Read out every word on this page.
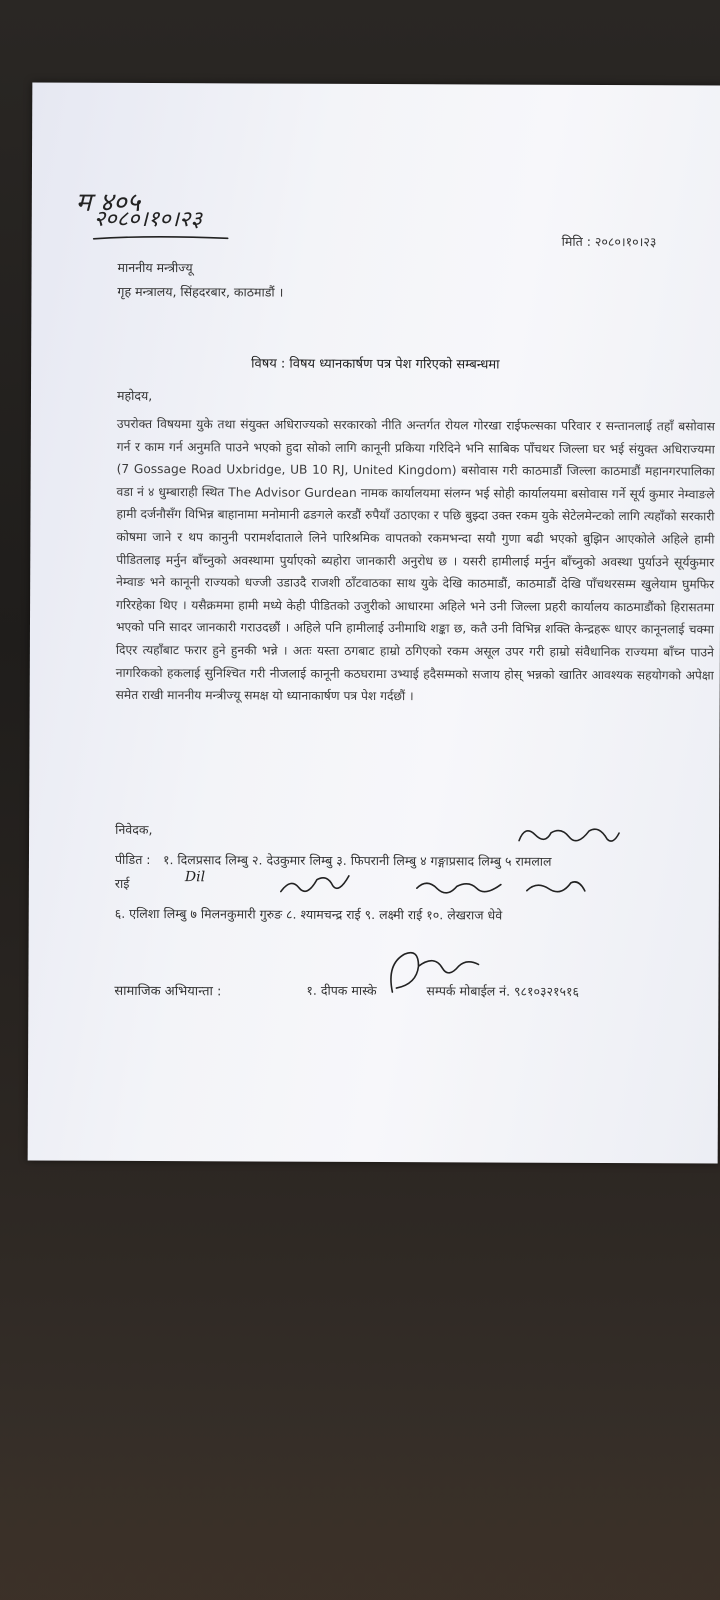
म ४०५
२०८०।१०।२३
मिति : २०८०।१०।२३
माननीय मन्त्रीज्यू
गृह मन्त्रालय, सिंहदरबार, काठमाडौं ।
विषय : विषय ध्यानकार्षण पत्र पेश गरिएको सम्बन्धमा
महोदय,
उपरोक्त विषयमा युके तथा संयुक्त अधिराज्यको सरकारको नीति अन्तर्गत रोयल गोरखा राईफल्सका परिवार र सन्तानलाई तहाँ बसोवास गर्न र काम गर्न अनुमति पाउने भएको हुदा सोको लागि कानूनी प्रकिया गरिदिने भनि साबिक पाँचथर जिल्ला घर भई संयुक्त अधिराज्यमा (7 Gossage Road Uxbridge, UB 10 RJ, United Kingdom) बसोवास गरी काठमाडौं जिल्ला काठमाडौं महानगरपालिका वडा नं ४ धुम्बाराही स्थित The Advisor Gurdean नामक कार्यालयमा संलग्न भई सोही कार्यालयमा बसोवास गर्ने सूर्य कुमार नेम्वाङले हामी दर्जनौसँग विभिन्न बाहानामा मनोमानी ढङगले करडौं रुपैयाँ उठाएका र पछि बुझ्दा उक्त रकम युके सेटेलमेन्टको लागि त्यहाँको सरकारी कोषमा जाने र थप कानुनी परामर्शदाताले लिने पारिश्रमिक वापतको रकमभन्दा सयौ गुणा बढी भएको बुझिन आएकोले अहिले हामी पीडितलाइ मर्नुन बाँच्नुको अवस्थामा पुर्याएको ब्यहोरा जानकारी अनुरोध छ । यसरी हामीलाई मर्नुन बाँच्नुको अवस्था पुर्याउने सूर्यकुमार नेम्वाङ भने कानूनी राज्यको धज्जी उडाउदै राजशी ठाँटवाठका साथ युके देखि काठमाडौं, काठमाडौं देखि पाँचथरसम्म खुलेयाम घुमफिर गरिरहेका थिए । यसैक्रममा हामी मध्ये केही पीडितको उजुरीको आधारमा अहिले भने उनी जिल्ला प्रहरी कार्यालय काठमाडौंको हिरासतमा भएको पनि सादर जानकारी गराउदछौं । अहिले पनि हामीलाई उनीमाथि शङ्का छ, कतै उनी विभिन्न शक्ति केन्द्रहरू धाएर कानूनलाई चक्मा दिएर त्यहाँबाट फरार हुने हुनकी भन्ने । अतः यस्ता ठगबाट हाम्रो ठगिएको रकम असूल उपर गरी हाम्रो संवैधानिक राज्यमा बाँच्न पाउने नागरिकको हकलाई सुनिश्चित गरी नीजलाई कानूनी कठघरामा उभ्याई हदैसम्मको सजाय होस् भन्नको खातिर आवश्यक सहयोगको अपेक्षा समेत राखी माननीय मन्त्रीज्यू समक्ष यो ध्यानाकार्षण पत्र पेश गर्दछौं ।
निवेदक,
पीडित : १. दिलप्रसाद लिम्बु २. देउकुमार लिम्बु ३. फिपरानी लिम्बु ४ गङ्गाप्रसाद लिम्बु ५ रामलाल
राई	Dil
६. एलिशा लिम्बु ७ मिलनकुमारी गुरुङ ८. श्यामचन्द्र राई ९. लक्ष्मी राई १०. लेखराज धेवे
सामाजिक अभियान्ता :	१. दीपक मास्के	सम्पर्क मोबाईल नं. ९८१०३२१५१६
